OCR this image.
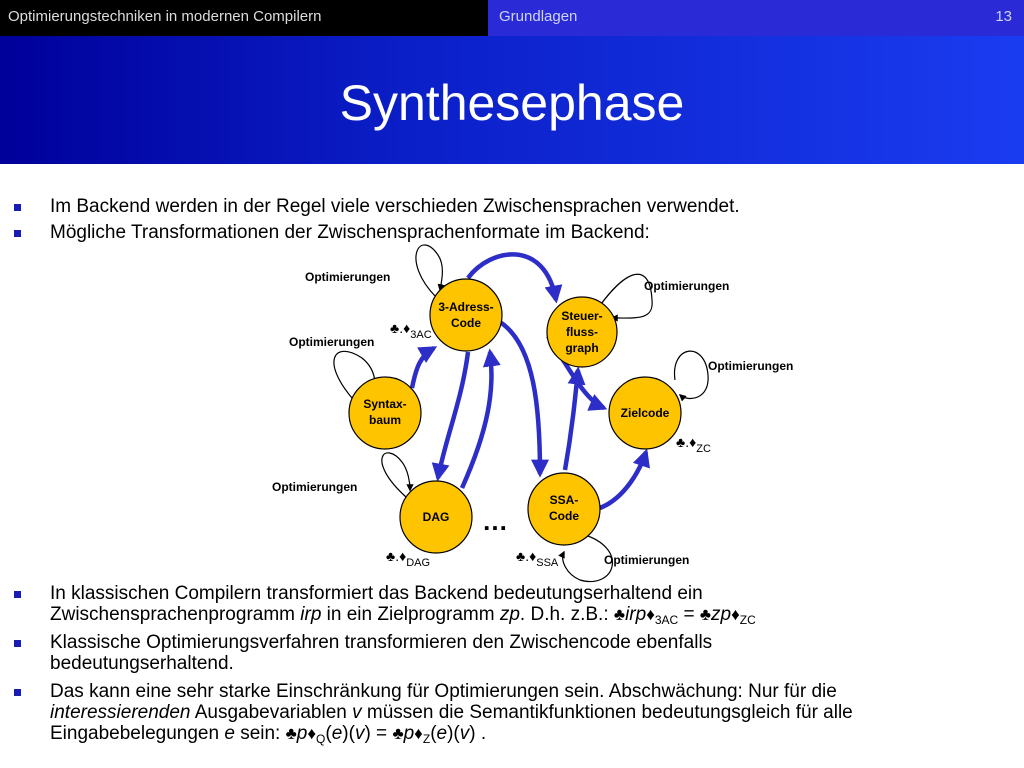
Optimierungstechniken in modernen Compilern	Grundlagen	13
Synthesephase
Im Backend werden in der Regel viele verschieden Zwischensprachen verwendet.
Mögliche Transformationen der Zwischensprachenformate im Backend:
3-Adress-
Code	Steuer-
fluss-
graph
Syntax-
baum	Zielcode
DAG
SSA-
Code
Optimierungen
Optimierungen
Optimierungen
Optimierungen
Optimierungen
Optimierungen
$♣.♦_{3AC}$
$♣.♦_{ZC}$
$♣.♦_{DAG}$	$♣.♦_{SSA}$
…
In klassischen Compilern transformiert das Backend bedeutungserhaltend ein
Zwischensprachenprogramm irp in ein Zielprogramm zp. D.h. z.B.: $♣irp♦_{3AC}$ = $♣zp♦_{ZC}$
Klassische Optimierungsverfahren transformieren den Zwischencode ebenfalls
bedeutungserhaltend.
Das kann eine sehr starke Einschränkung für Optimierungen sein. Abschwächung: Nur für die
interessierenden Ausgabevariablen v müssen die Semantikfunktionen bedeutungsgleich für alle
Eingabebelegungen e sein: $♣p♦_Q(e)(v)$ = $♣p♦_Z(e)(v)$ .
